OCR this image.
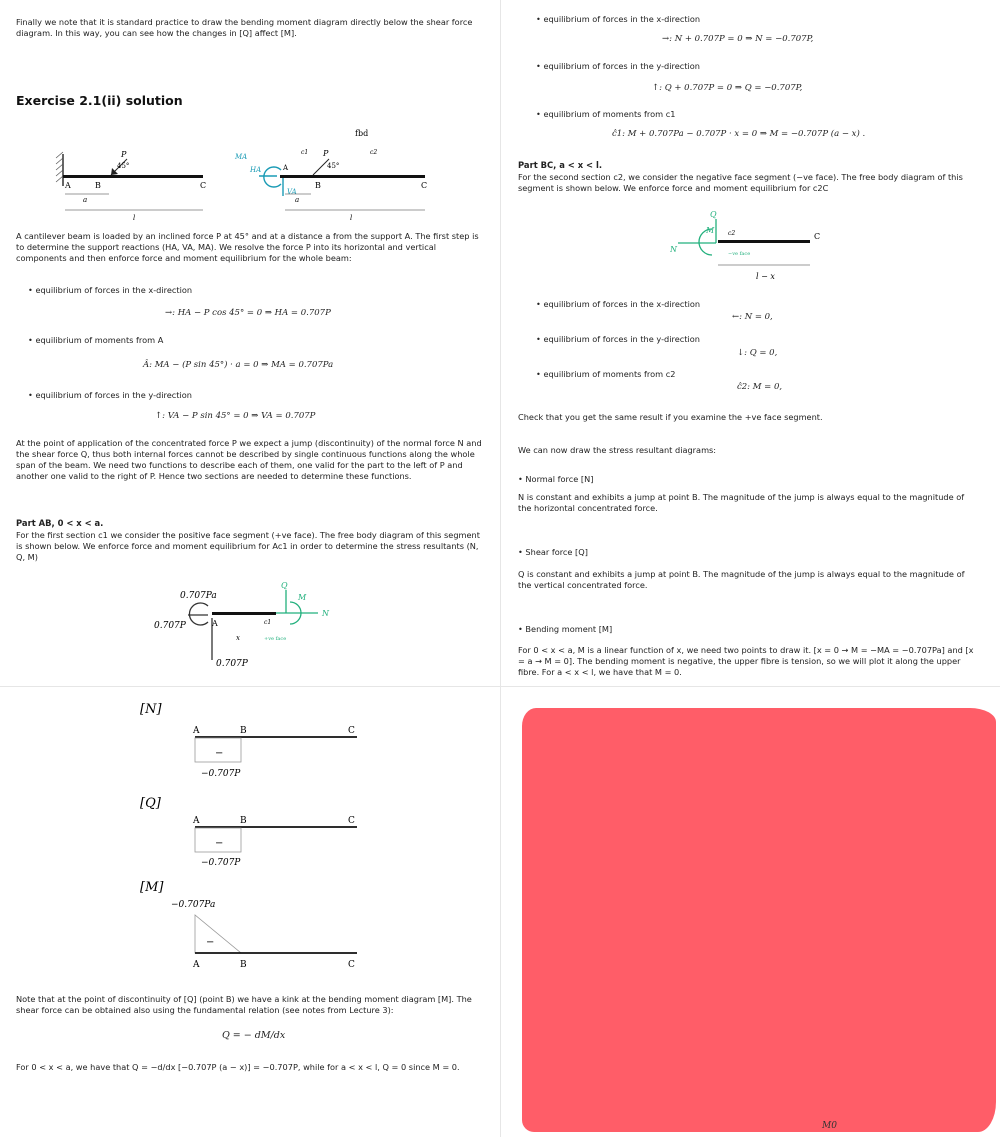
Finally we note that it is standard practice to draw the bending moment diagram directly below the shear force diagram. In this way, you can see how the changes in [Q] affect [M].
Exercise 2.1(ii) solution
P
45°
A	B	C
a
l
MA
HA
VA
A
B	C
P
45°
c1	c2
fbd
a
l
A cantilever beam is loaded by an inclined force P at 45° and at a distance a from the support A. The first step is to determine the support reactions (HA, VA, MA). We resolve the force P into its horizontal and vertical components and then enforce force and moment equilibrium for the whole beam:
• equilibrium of forces in the x-direction
→: HA − P cos 45° = 0 ⇒ HA = 0.707P
• equilibrium of moments from A
Â: MA − (P sin 45°) · a = 0 ⇒ MA = 0.707Pa
• equilibrium of forces in the y-direction
↑: VA − P sin 45° = 0 ⇒ VA = 0.707P
At the point of application of the concentrated force P we expect a jump (discontinuity) of the normal force N and the shear force Q, thus both internal forces cannot be described by single continuous functions along the whole span of the beam. We need two functions to describe each of them, one valid for the part to the left of P and another one valid to the right of P. Hence two sections are needed to determine these functions.
Part AB, 0 < x < a.
For the first section c1 we consider the positive face segment (+ve face). The free body diagram of this segment is shown below. We enforce force and moment equilibrium for Ac1 in order to determine the stress resultants (N, Q, M)
0.707Pa
0.707P
0.707P
A
x
c1
Q
M
N
+ve face
• equilibrium of forces in the x-direction
→: N + 0.707P = 0 ⇒ N = −0.707P,
• equilibrium of forces in the y-direction
↑: Q + 0.707P = 0 ⇒ Q = −0.707P,
• equilibrium of moments from c1
ĉ1: M + 0.707Pa − 0.707P · x = 0 ⇒ M = −0.707P (a − x) .
Part BC, a < x < l.
For the second section c2, we consider the negative face segment (−ve face). The free body diagram of this segment is shown below. We enforce force and moment equilibrium for c2C
Q
M
N
c2	C
−ve face
l − x
• equilibrium of forces in the x-direction
←: N = 0,
• equilibrium of forces in the y-direction
↓: Q = 0,
• equilibrium of moments from c2
ĉ2: M = 0,
Check that you get the same result if you examine the +ve face segment.
We can now draw the stress resultant diagrams:
• Normal force [N]
N is constant and exhibits a jump at point B. The magnitude of the jump is always equal to the magnitude of the horizontal concentrated force.
• Shear force [Q]
Q is constant and exhibits a jump at point B. The magnitude of the jump is always equal to the magnitude of the vertical concentrated force.
• Bending moment [M]
For 0 < x < a, M is a linear function of x, we need two points to draw it. [x = 0 → M = −MA = −0.707Pa] and [x = a → M = 0]. The bending moment is negative, the upper fibre is tension, so we will plot it along the upper fibre. For a < x < l, we have that M = 0.
[N]
A	B	C
−
−0.707P
[Q]
A	B	C
−
−0.707P
[M]
−0.707Pa
−
A	B	C
Note that at the point of discontinuity of [Q] (point B) we have a kink at the bending moment diagram [M]. The shear force can be obtained also using the fundamental relation (see notes from Lecture 3):
Q = − dM/dx
For 0 < x < a, we have that Q = −d/dx [−0.707P (a − x)] = −0.707P, while for a < x < l, Q = 0 since M = 0.
M0
